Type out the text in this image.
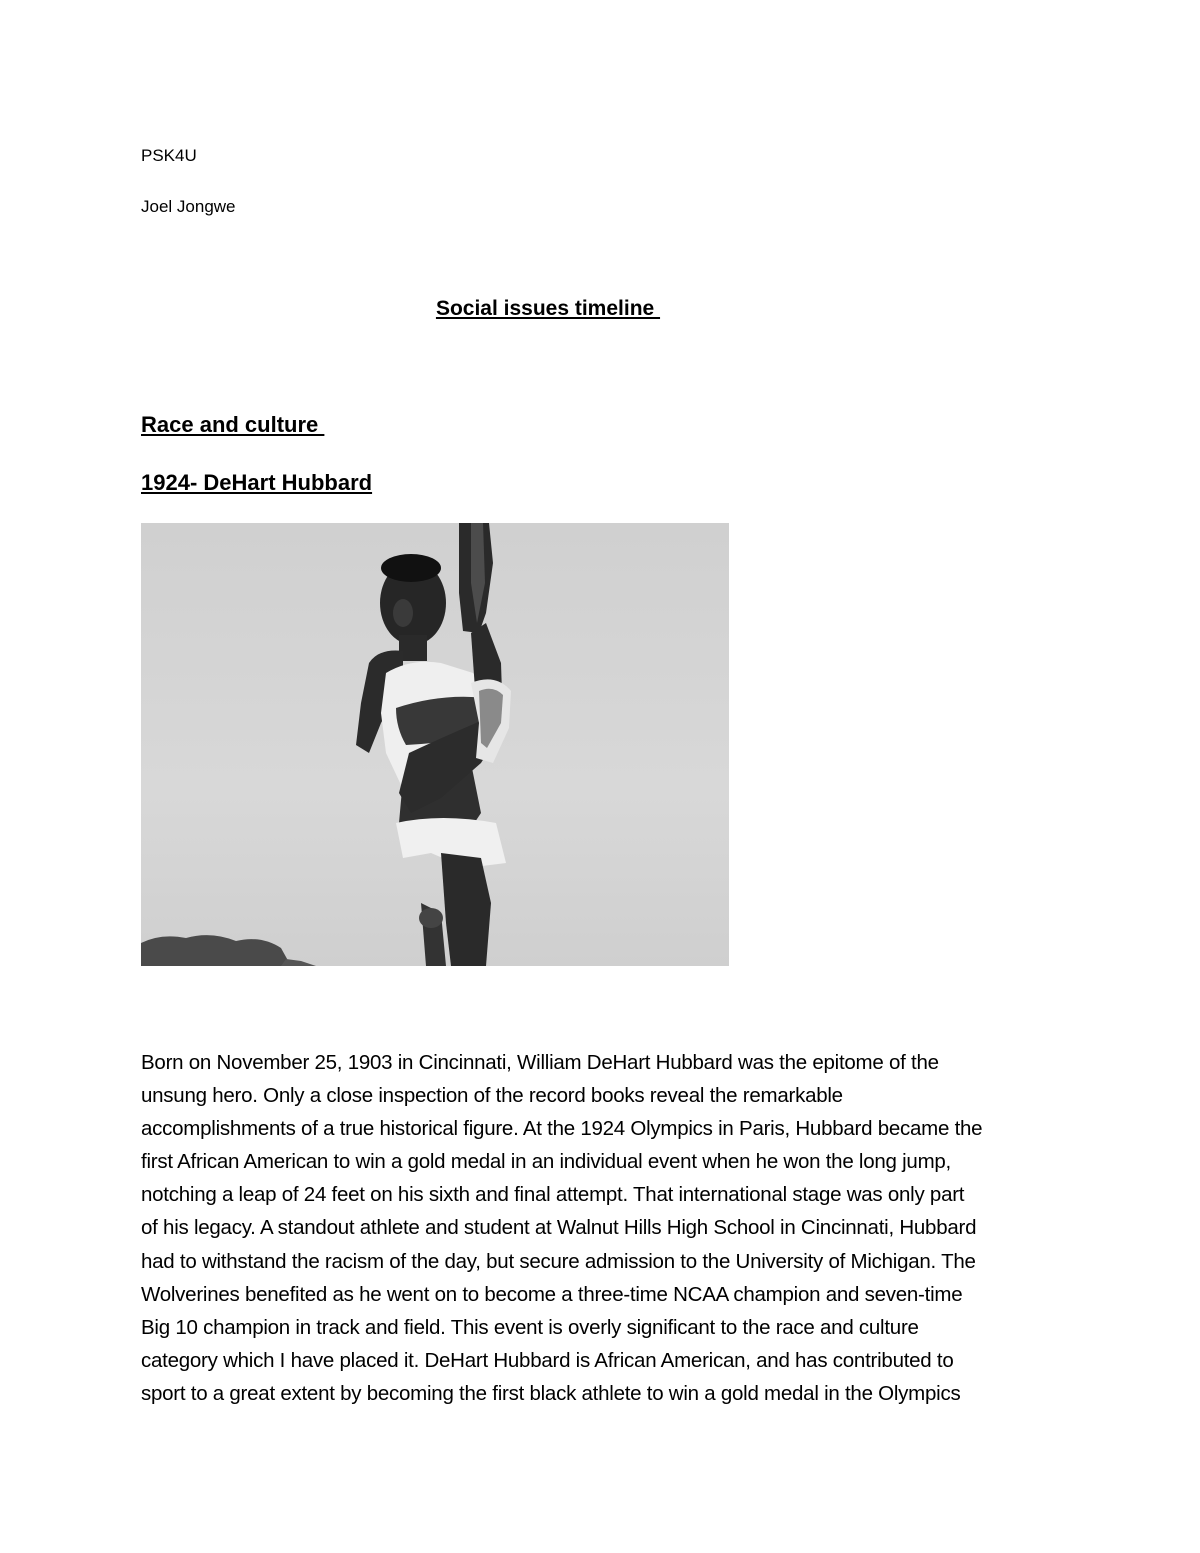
PSK4U
Joel Jongwe
Social issues timeline
Race and culture
1924- DeHart Hubbard
Born on November 25, 1903 in Cincinnati, William DeHart Hubbard was the epitome of the
unsung hero. Only a close inspection of the record books reveal the remarkable
accomplishments of a true historical figure. At the 1924 Olympics in Paris, Hubbard became the
first African American to win a gold medal in an individual event when he won the long jump,
notching a leap of 24 feet on his sixth and final attempt. That international stage was only part
of his legacy. A standout athlete and student at Walnut Hills High School in Cincinnati, Hubbard
had to withstand the racism of the day, but secure admission to the University of Michigan. The
Wolverines benefited as he went on to become a three-time NCAA champion and seven-time
Big 10 champion in track and field. This event is overly significant to the race and culture
category which I have placed it. DeHart Hubbard is African American, and has contributed to
sport to a great extent by becoming the first black athlete to win a gold medal in the Olympics
